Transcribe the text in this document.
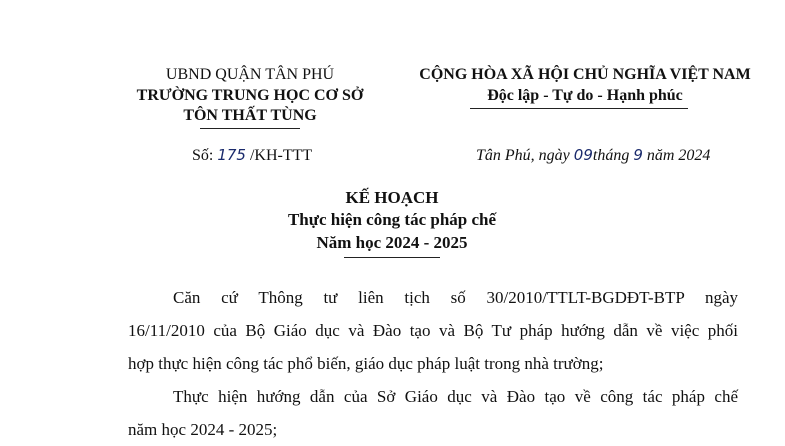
UBND QUẬN TÂN PHÚ
TRƯỜNG TRUNG HỌC CƠ SỞ
TÔN THẤT TÙNG
CỘNG HÒA XÃ HỘI CHỦ NGHĨA VIỆT NAM
Độc lập - Tự do - Hạnh phúc
Số: 175 /KH-TTT	Tân Phú, ngày 09tháng 9 năm 2024
KẾ HOẠCH
Thực hiện công tác pháp chế
Năm học 2024 - 2025
Căn cứ Thông tư liên tịch số 30/2010/TTLT-BGDĐT-BTP ngày
16/11/2010 của Bộ Giáo dục và Đào tạo và Bộ Tư pháp hướng dẫn về việc phối
hợp thực hiện công tác phổ biến, giáo dục pháp luật trong nhà trường;
Thực hiện hướng dẫn của Sở Giáo dục và Đào tạo về công tác pháp chế
năm học 2024 - 2025;
